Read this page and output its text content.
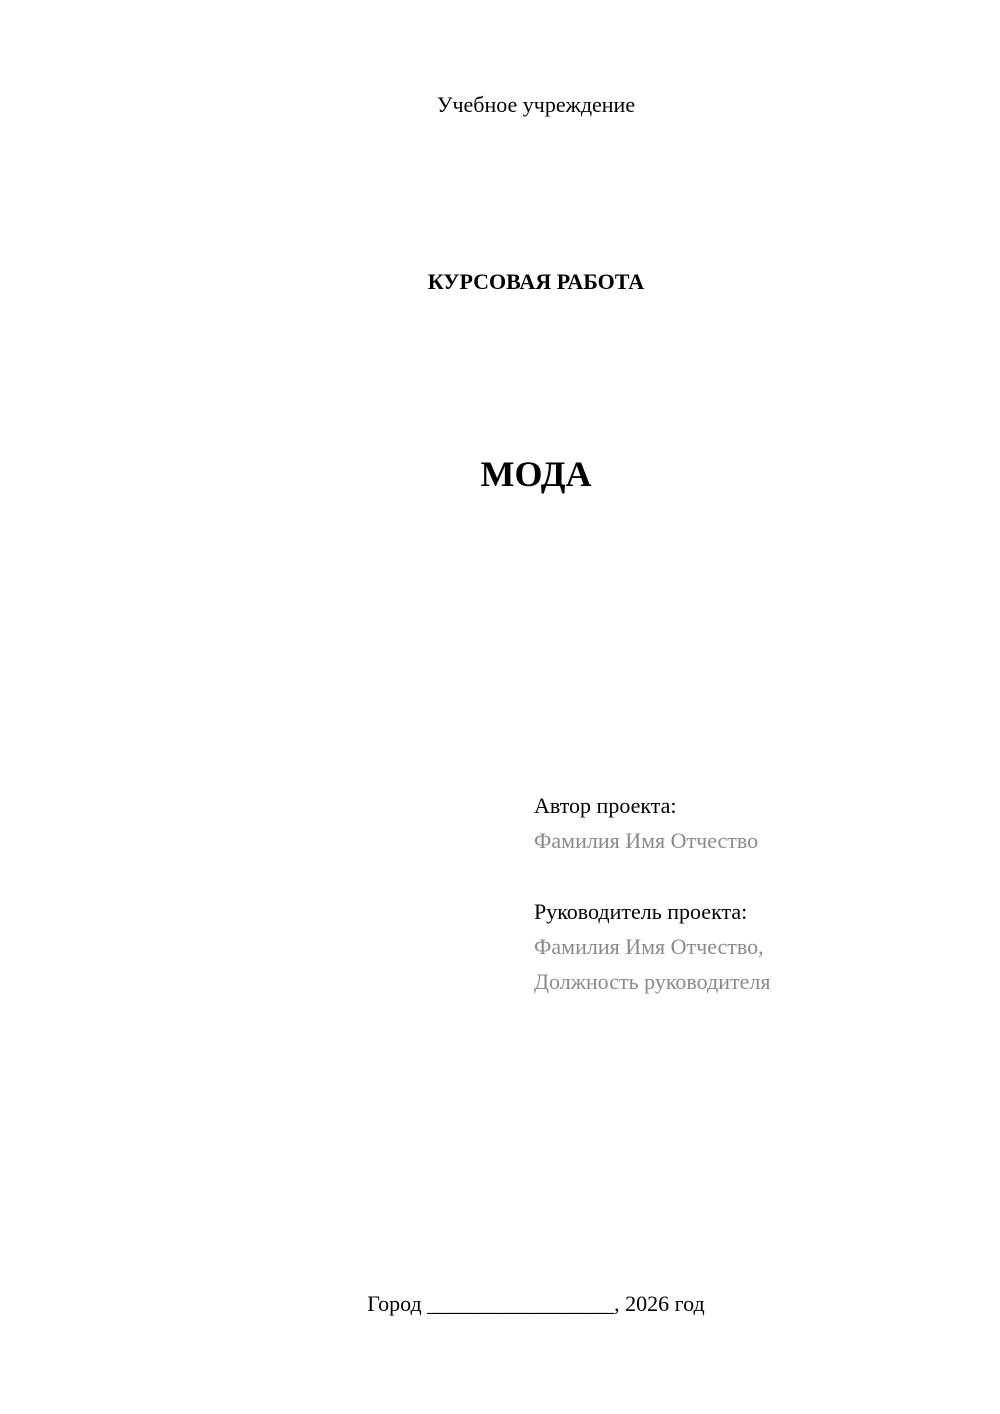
Учебное учреждение
КУРСОВАЯ РАБОТА
МОДА
Автор проекта:
Фамилия Имя Отчество
Руководитель проекта:
Фамилия Имя Отчество,
Должность руководителя
Город _________________, 2026 год
